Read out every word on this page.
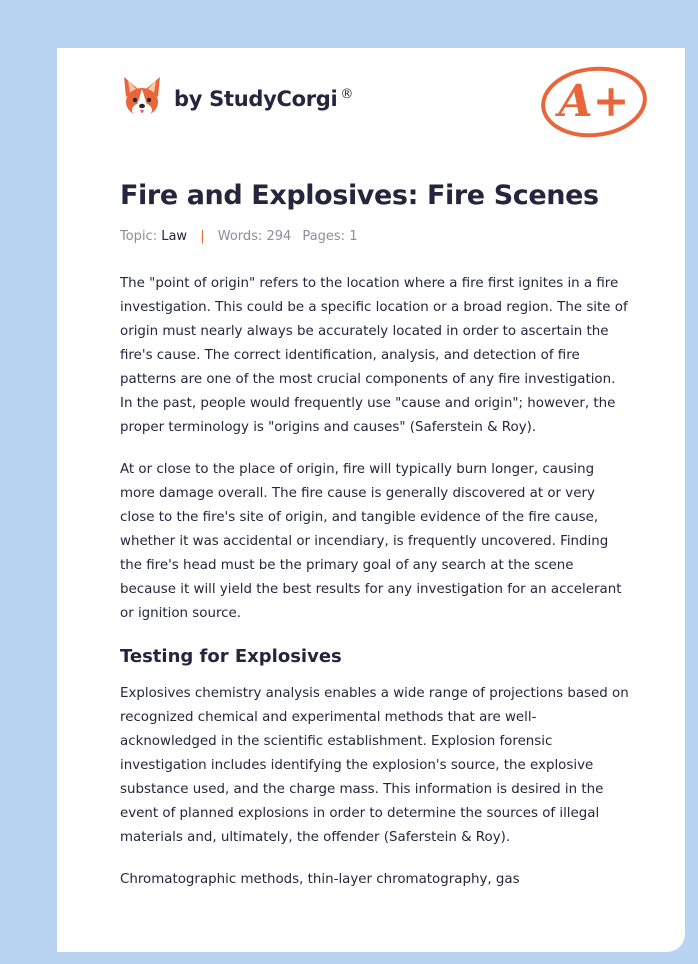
by StudyCorgi ®	A+
Fire and Explosives: Fire Scenes
Topic: Law | Words: 294 Pages: 1

The "point of origin" refers to the location where a fire first ignites in a fire investigation. This could be a specific location or a broad region. The site of origin must nearly always be accurately located in order to ascertain the fire's cause. The correct identification, analysis, and detection of fire patterns are one of the most crucial components of any fire investigation. In the past, people would frequently use "cause and origin"; however, the proper terminology is "origins and causes" (Saferstein & Roy).

At or close to the place of origin, fire will typically burn longer, causing more damage overall. The fire cause is generally discovered at or very close to the fire's site of origin, and tangible evidence of the fire cause, whether it was accidental or incendiary, is frequently uncovered. Finding the fire's head must be the primary goal of any search at the scene because it will yield the best results for any investigation for an accelerant or ignition source.

Testing for Explosives

Explosives chemistry analysis enables a wide range of projections based on recognized chemical and experimental methods that are well-acknowledged in the scientific establishment. Explosion forensic investigation includes identifying the explosion's source, the explosive substance used, and the charge mass. This information is desired in the event of planned explosions in order to determine the sources of illegal materials and, ultimately, the offender (Saferstein & Roy).

Chromatographic methods, thin-layer chromatography, gas
